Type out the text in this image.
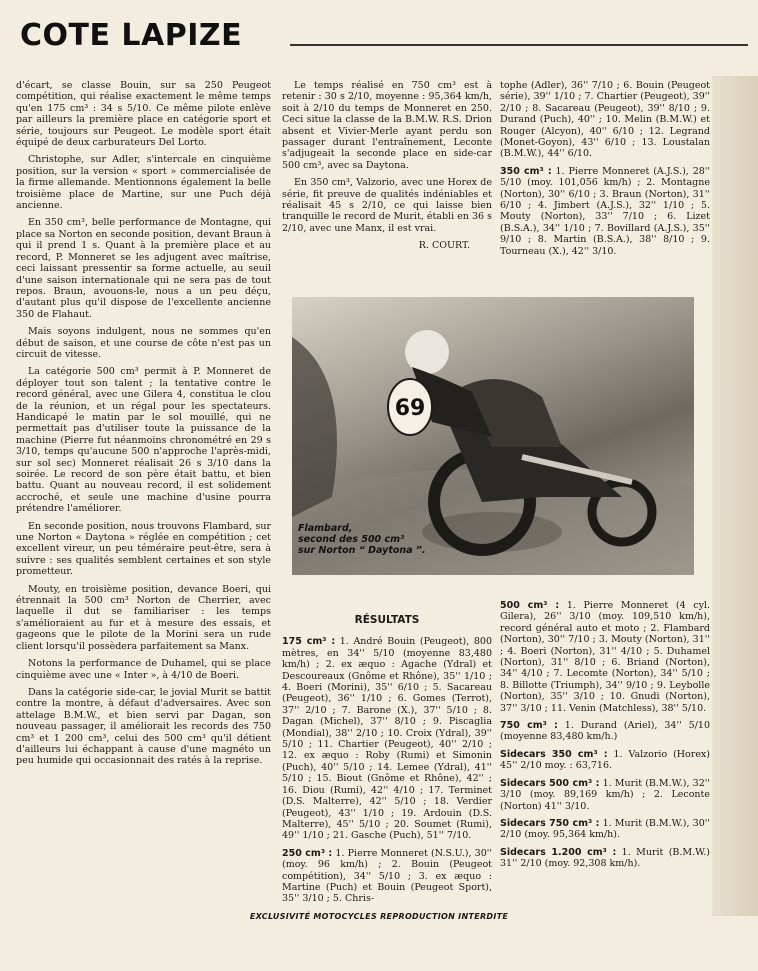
COTE LAPIZE

d'écart, se classe Bouin, sur sa 250 Peugeot compétition, qui réalise exactement le même temps qu'en 175 cm³ : 34 s 5/10. Ce même pilote enlève par ailleurs la première place en catégorie sport et série, toujours sur Peugeot. Le modèle sport était équipé de deux carburateurs Del Lorto.

Christophe, sur Adler, s'intercale en cinquième position, sur la version « sport » commercialisée de la firme allemande. Mentionnons également la belle troisième place de Martine, sur une Puch déjà ancienne.

En 350 cm³, belle performance de Montagne, qui place sa Norton en seconde position, devant Braun à qui il prend 1 s. Quant à la première place et au record, P. Monneret se les adjugent avec maîtrise, ceci laissant pressentir sa forme actuelle, au seuil d'une saison internationale qui ne sera pas de tout repos. Braun, avouons-le, nous a un peu déçu, d'autant plus qu'il dispose de l'excellente ancienne 350 de Flahaut.

Mais soyons indulgent, nous ne sommes qu'en début de saison, et une course de côte n'est pas un circuit de vitesse.

La catégorie 500 cm³ permit à P. Monneret de déployer tout son talent ; la tentative contre le record général, avec une Gilera 4, constitua le clou de la réunion, et un régal pour les spectateurs. Handicapé le matin par le sol mouillé, qui ne permettait pas d'utiliser toute la puissance de la machine (Pierre fut néanmoins chronométré en 29 s 3/10, temps qu'aucune 500 n'approche l'après-midi, sur sol sec) Monneret réalisait 26 s 3/10 dans la soirée. Le record de son père était battu, et bien battu. Quant au nouveau record, il est solidement accroché, et seule une machine d'usine pourra prétendre l'améliorer.

En seconde position, nous trouvons Flambard, sur une Norton « Daytona » réglée en compétition ; cet excellent vireur, un peu téméraire peut-être, sera à suivre : ses qualités semblent certaines et son style prometteur.

Mouty, en troisième position, devance Boeri, qui étrennait la 500 cm³ Norton de Cherrier, avec laquelle il dut se familiariser : les temps s'amélioraient au fur et à mesure des essais, et gageons que le pilote de la Morini sera un rude client lorsqu'il possèdera parfaitement sa Manx.

Notons la performance de Duhamel, qui se place cinquième avec une « Inter », à 4/10 de Boeri.

Dans la catégorie side-car, le jovial Murit se battit contre la montre, à défaut d'adversaires. Avec son attelage B.M.W., et bien servi par Dagan, son nouveau passager, il améliorait les records des 750 cm³ et 1 200 cm³, celui des 500 cm³ qu'il détient d'ailleurs lui échappant à cause d'une magnéto un peu humide qui occasionnait des ratés à la reprise.

Le temps réalisé en 750 cm³ est à retenir : 30 s 2/10, moyenne : 95,364 km/h, soit à 2/10 du temps de Monneret en 250. Ceci situe la classe de la B.M.W. R.S. Drion absent et Vivier-Merle ayant perdu son passager durant l'entraînement, Leconte s'adjugeait la seconde place en side-car 500 cm³, avec sa Daytona.

En 350 cm³, Valzorio, avec une Horex de série, fit preuve de qualités indéniables et réalisait 45 s 2/10, ce qui laisse bien tranquille le record de Murit, établi en 36 s 2/10, avec une Manx, il est vrai.

R. COURT.

tophe (Adler), 36'' 7/10 ; 6. Bouin (Peugeot série), 39'' 1/10 ; 7. Chartier (Peugeot), 39'' 2/10 ; 8. Sacareau (Peugeot), 39'' 8/10 ; 9. Durand (Puch), 40'' ; 10. Melin (B.M.W.) et Rouger (Alcyon), 40'' 6/10 ; 12. Legrand (Monet-Goyon), 43'' 6/10 ; 13. Loustalan (B.M.W.), 44'' 6/10.

350 cm³ : 1. Pierre Monneret (A.J.S.), 28'' 5/10 (moy. 101,056 km/h) ; 2. Montagne (Norton), 30'' 6/10 ; 3. Braun (Norton), 31'' 6/10 ; 4. Jimbert (A.J.S.), 32'' 1/10 ; 5. Mouty (Norton), 33'' 7/10 ; 6. Lizet (B.S.A.), 34'' 1/10 ; 7. Bovillard (A.J.S.), 35'' 9/10 ; 8. Martin (B.S.A.), 38'' 8/10 ; 9. Tourneau (X.), 42'' 3/10.

69
Flambard,
second des 500 cm³
sur Norton “ Daytona ”.
RÉSULTATS

175 cm³ : 1. André Bouin (Peugeot), 800 mètres, en 34'' 5/10 (moyenne 83,480 km/h) ; 2. ex æquo : Agache (Ydral) et Descoureaux (Gnôme et Rhône), 35'' 1/10 ; 4. Boeri (Morini), 35'' 6/10 ; 5. Sacareau (Peugeot), 36'' 1/10 ; 6. Gomes (Terrot), 37'' 2/10 ; 7. Barone (X.), 37'' 5/10 ; 8. Dagan (Michel), 37'' 8/10 ; 9. Piscaglia (Mondial), 38'' 2/10 ; 10. Croix (Ydral), 39'' 5/10 ; 11. Chartier (Peugeot), 40'' 2/10 ; 12. ex æquo : Roby (Rumi) et Simonin (Puch), 40'' 5/10 ; 14. Lemee (Ydral), 41'' 5/10 ; 15. Biout (Gnôme et Rhône), 42'' ; 16. Diou (Rumi), 42'' 4/10 ; 17. Terminet (D.S. Malterre), 42'' 5/10 ; 18. Verdier (Peugeot), 43'' 1/10 ; 19. Ardouin (D.S. Malterre), 45'' 5/10 ; 20. Soumet (Rumi), 49'' 1/10 ; 21. Gasche (Puch), 51'' 7/10.

250 cm³ : 1. Pierre Monneret (N.S.U.), 30'' (moy. 96 km/h) ; 2. Bouin (Peugeot compétition), 34'' 5/10 ; 3. ex æquo : Martine (Puch) et Bouin (Peugeot Sport), 35'' 3/10 ; 5. Chris-

500 cm³ : 1. Pierre Monneret (4 cyl. Gilera), 26'' 3/10 (moy. 109,510 km/h), record général auto et moto ; 2. Flambard (Norton), 30'' 7/10 ; 3. Mouty (Norton), 31'' ; 4. Boeri (Norton), 31'' 4/10 ; 5. Duhamel (Norton), 31'' 8/10 ; 6. Briand (Norton), 34'' 4/10 ; 7. Lecomte (Norton), 34'' 5/10 ; 8. Billotte (Triumph), 34'' 9/10 ; 9. Leybolle (Norton), 35'' 3/10 ; 10. Gnudi (Norton), 37'' 3/10 ; 11. Venin (Matchless), 38'' 5/10.

750 cm³ : 1. Durand (Ariel), 34'' 5/10 (moyenne 83,480 km/h.)

Sidecars 350 cm³ : 1. Valzorio (Horex) 45'' 2/10 moy. : 63,716.

Sidecars 500 cm³ : 1. Murit (B.M.W.), 32'' 3/10 (moy. 89,169 km/h) ; 2. Leconte (Norton) 41'' 3/10.

Sidecars 750 cm³ : 1. Murit (B.M.W.), 30'' 2/10 (moy. 95,364 km/h).

Sidecars 1.200 cm³ : 1. Murit (B.M.W.) 31'' 2/10 (moy. 92,308 km/h).

EXCLUSIVITÉ MOTOCYCLES REPRODUCTION INTERDITE
